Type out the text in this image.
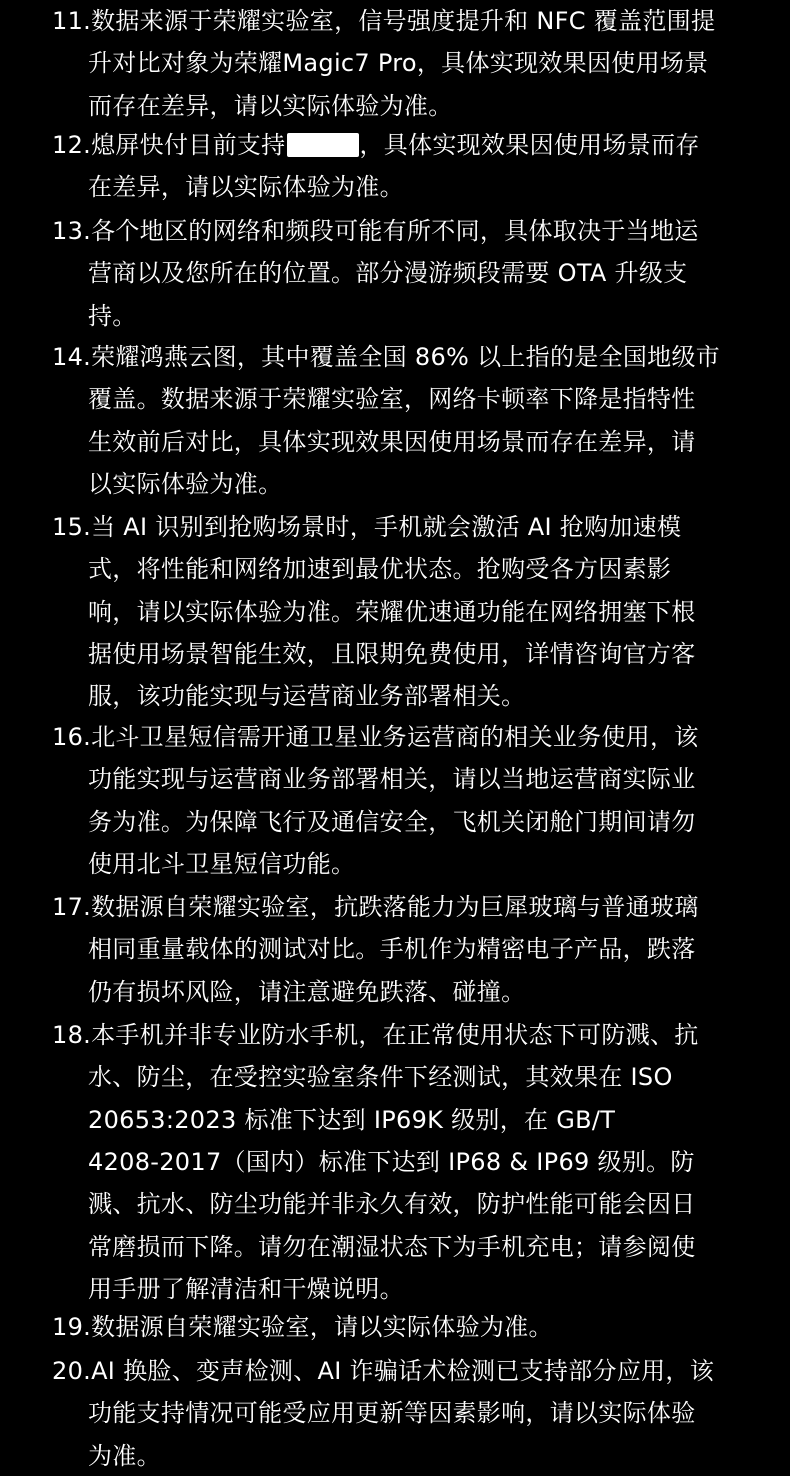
11.数据来源于荣耀实验室，信号强度提升和 NFC 覆盖范围提
升对比对象为荣耀Magic7 Pro，具体实现效果因使用场景
而存在差异，请以实际体验为准。
12.熄屏快付目前支持	，具体实现效果因使用场景而存
在差异，请以实际体验为准。
13.各个地区的网络和频段可能有所不同，具体取决于当地运
营商以及您所在的位置。部分漫游频段需要 OTA 升级支
持。
14.荣耀鸿燕云图，其中覆盖全国 86% 以上指的是全国地级市
覆盖。数据来源于荣耀实验室，网络卡顿率下降是指特性
生效前后对比，具体实现效果因使用场景而存在差异，请
以实际体验为准。
15.当 AI 识别到抢购场景时，手机就会激活 AI 抢购加速模
式，将性能和网络加速到最优状态。抢购受各方因素影
响，请以实际体验为准。荣耀优速通功能在网络拥塞下根
据使用场景智能生效，且限期免费使用，详情咨询官方客
服，该功能实现与运营商业务部署相关。
16.北斗卫星短信需开通卫星业务运营商的相关业务使用，该
功能实现与运营商业务部署相关，请以当地运营商实际业
务为准。为保障飞行及通信安全，飞机关闭舱门期间请勿
使用北斗卫星短信功能。
17.数据源自荣耀实验室，抗跌落能力为巨犀玻璃与普通玻璃
相同重量载体的测试对比。手机作为精密电子产品，跌落
仍有损坏风险，请注意避免跌落、碰撞。
18.本手机并非专业防水手机，在正常使用状态下可防溅、抗
水、防尘，在受控实验室条件下经测试，其效果在 ISO
20653:2023 标准下达到 IP69K 级别，在 GB/T
4208-2017（国内）标准下达到 IP68 & IP69 级别。防
溅、抗水、防尘功能并非永久有效，防护性能可能会因日
常磨损而下降。请勿在潮湿状态下为手机充电；请参阅使
用手册了解清洁和干燥说明。
19.数据源自荣耀实验室，请以实际体验为准。
20.AI 换脸、变声检测、AI 诈骗话术检测已支持部分应用，该
功能支持情况可能受应用更新等因素影响，请以实际体验
为准。
